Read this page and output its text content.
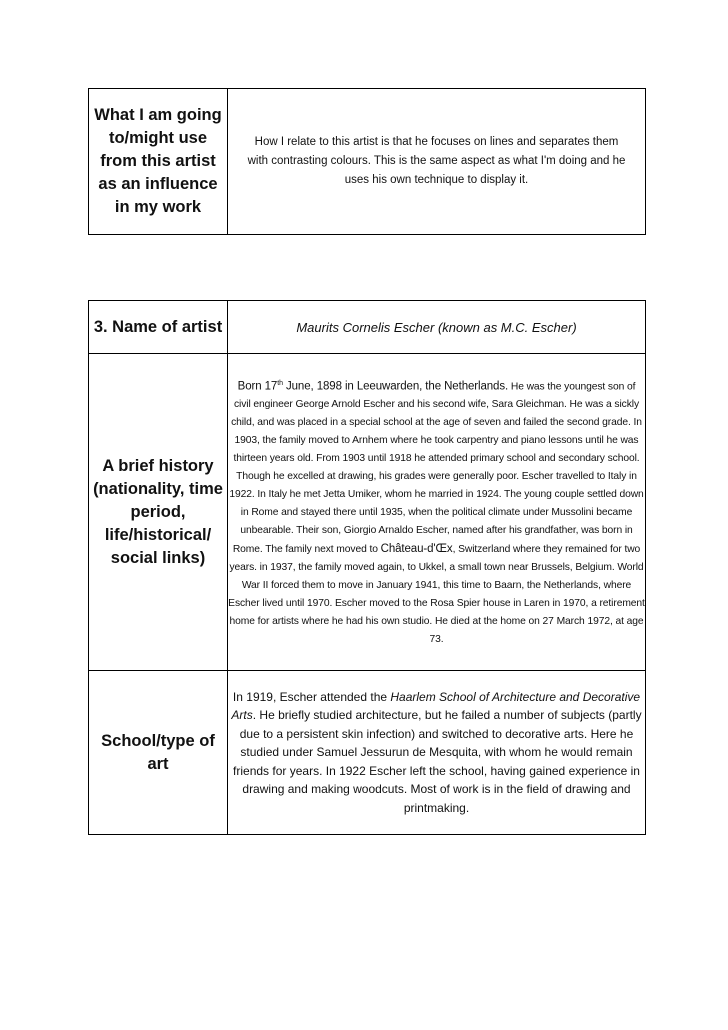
What I am going to/might use from this artist as an influence in my work	How I relate to this artist is that he focuses on lines and separates them with contrasting colours. This is the same aspect as what I'm doing and he uses his own technique to display it.
3. Name of artist	Maurits Cornelis Escher (known as M.C. Escher)
A brief history (nationality, time period, life/historical/ social links)	Born 17th June, 1898 in Leeuwarden, the Netherlands. He was the youngest son of civil engineer George Arnold Escher and his second wife, Sara Gleichman. He was a sickly child, and was placed in a special school at the age of seven and failed the second grade. In 1903, the family moved to Arnhem where he took carpentry and piano lessons until he was thirteen years old. From 1903 until 1918 he attended primary school and secondary school. Though he excelled at drawing, his grades were generally poor. Escher travelled to Italy in 1922. In Italy he met Jetta Umiker, whom he married in 1924. The young couple settled down in Rome and stayed there until 1935, when the political climate under Mussolini became unbearable. Their son, Giorgio Arnaldo Escher, named after his grandfather, was born in Rome. The family next moved to Château-d'Œx, Switzerland where they remained for two years. in 1937, the family moved again, to Ukkel, a small town near Brussels, Belgium. World War II forced them to move in January 1941, this time to Baarn, the Netherlands, where Escher lived until 1970. Escher moved to the Rosa Spier house in Laren in 1970, a retirement home for artists where he had his own studio. He died at the home on 27 March 1972, at age 73.
School/type of art	In 1919, Escher attended the Haarlem School of Architecture and Decorative Arts. He briefly studied architecture, but he failed a number of subjects (partly due to a persistent skin infection) and switched to decorative arts. Here he studied under Samuel Jessurun de Mesquita, with whom he would remain friends for years. In 1922 Escher left the school, having gained experience in drawing and making woodcuts. Most of work is in the field of drawing and printmaking.
